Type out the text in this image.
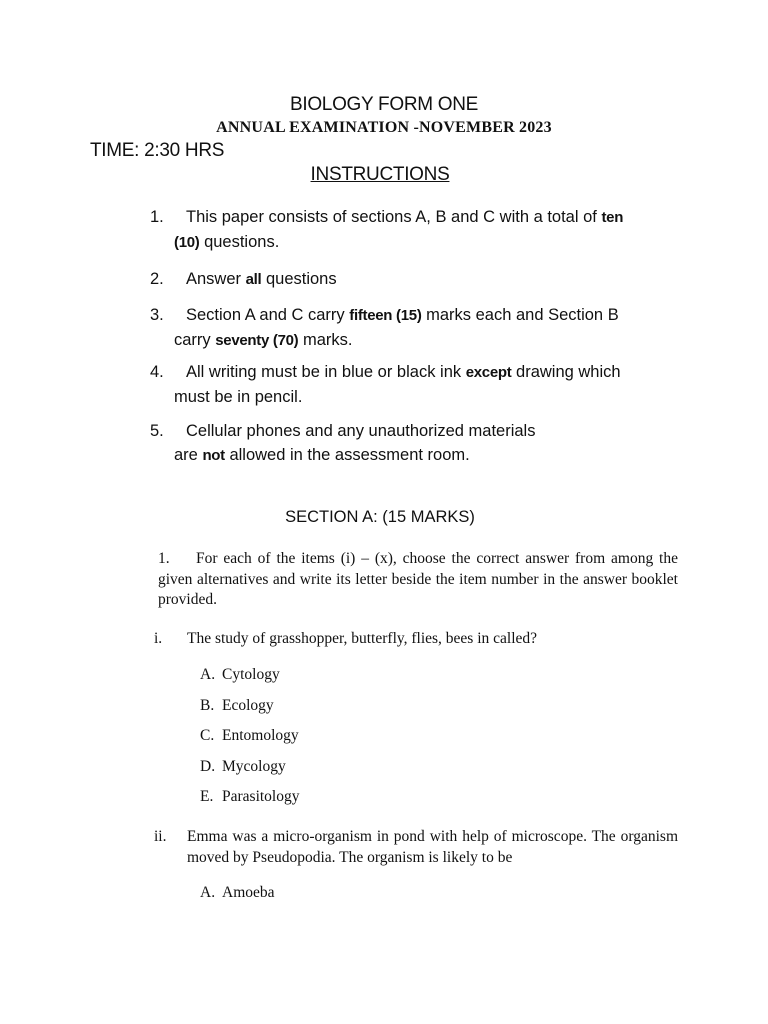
BIOLOGY FORM ONE
ANNUAL EXAMINATION -NOVEMBER 2023
TIME: 2:30 HRS
INSTRUCTIONS
1. This paper consists of sections A, B and C with a total of ten
(10) questions.
2. Answer all questions
3. Section A and C carry fifteen (15) marks each and Section B
carry seventy (70) marks.
4. All writing must be in blue or black ink except drawing which
must be in pencil.
5. Cellular phones and any unauthorized materials
are not allowed in the assessment room.
SECTION A: (15 MARKS)
1. For each of the items (i) – (x), choose the correct answer from among the given alternatives and write its letter beside the item number in the answer booklet provided.
i.	The study of grasshopper, butterfly, flies, bees in called?
A. Cytology
B. Ecology
C. Entomology
D. Mycology
E. Parasitology
ii.	Emma was a micro-organism in pond with help of microscope. The organism moved by Pseudopodia. The organism is likely to be
A. Amoeba
